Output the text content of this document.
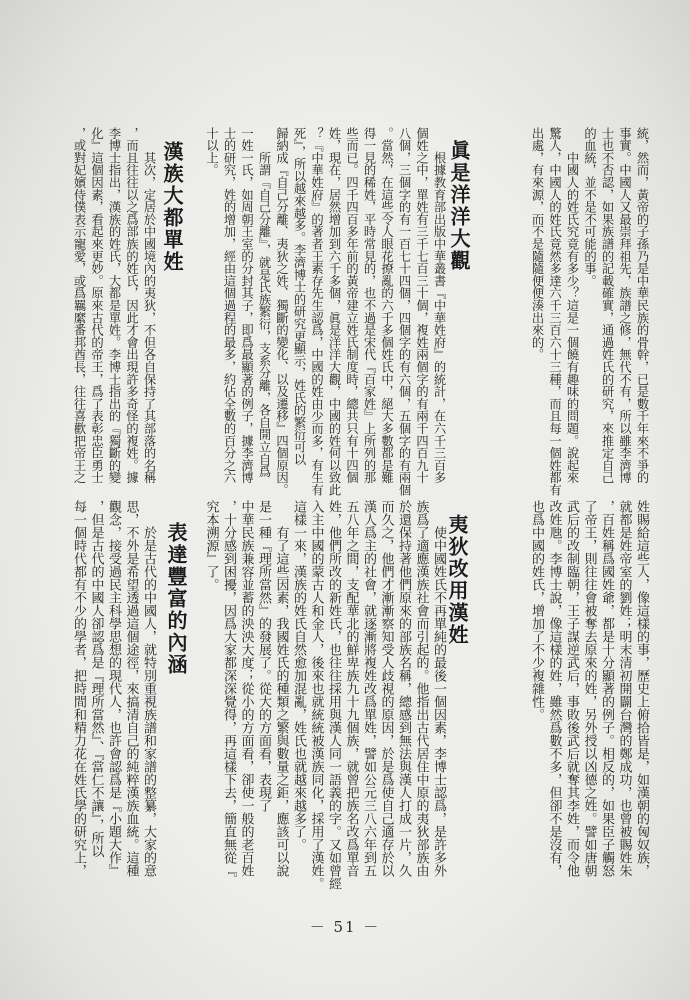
統，然而，黃帝的子孫乃是中華民族的骨幹，已是數千年來不爭的
事實。中國人又最崇拜祖先，族譜之修，無代不有，所以雖李濟博
士也不否認，如果族譜的記載確實，通過姓氏的研究，來推定自己
的血統，並不是不可能的事。
　　中國人的姓氏究竟有多少？這是一個饒有趣味的問題。說起來
驚人，中國人的姓氏竟然多達六千三百六十三種，而且每一個姓都有
出處，有來源，而不是隨隨便便湊出來的。
眞是洋洋大觀
　　根據教育部出版中華叢書『中華姓府』的統計，在六千三百多
個姓之中，單姓有三千七百三十個，複姓兩個字的有兩千四百九十
八個，三個字的有一百七十四個，四個字的有六個，五個字的有兩個
。當然，在這些令人眼花撩亂的六千多個姓氏中，絕大多數都是難
得一見的稀姓，平時常見的，也不過是宋代『百家姓』上所列的那
些而已。四千四百多年前的黃帝建立姓氏制度時，總共只有十四個
姓，現在，居然增加到六千多個，眞是洋洋大觀，中國的姓何以致此
？『中華姓府』的著者王素存先生認爲，中國的姓由少而多，有生有
死』，所以越來越多。李濟博士的研究更顯示，姓氏的繁衍可以
歸納成『自己分離、夷狄之姓、獨斷的變化、以及遷移』四個原因。
　　所謂『自己分離』，就是氏族繁衍，支系分離，各自開立自爲
一姓一氏，如周朝王室的分封其子，即爲最顯著的例子，據李濟博
士的研究，姓的增加，經由這個過程的最多，約佔全數的百分之六
十以上。
漢族大都單姓
　　其次，定居於中國境內的夷狄，不但各自保持了其部落的名稱
，而且往往以之爲部族的姓氏，因此才會出現許多奇怪的複姓。據
李博士指出，漢族的姓氏，大都是單姓。李博士指出的『獨斷的變
化』這個因素，看起來更妙。原來古代的帝王，爲了表彰忠臣勇士
，或對妃嬪侍僕表示寵愛，或爲羈縻番邦酋長，往往喜歡把帝王之
姓賜給這些人，像這樣的事，歷史上俯拾皆是，如漢朝的匈奴族，
就都是姓帝室的劉姓；明末清初開闢台灣的鄭成功，也曾被賜姓朱
，百姓稱爲國姓爺，都是十分顯著的例子。相反的，如果臣子觸怒
了帝王，則往往會被奪去原來的姓，另外授以凶德之姓。譬如唐朝
武后的改制臨朝，王子謀逆武后，事敗後武后就奪其李姓，而令他
改姓虺。李博士說，像這樣的姓，雖然爲數不多，但卻不是沒有，
也爲中國的姓氏，增加了不少複雜性。
夷狄改用漢姓
　　使中國姓氏不再單純的最後一個因素，李博士認爲，是許多外
族爲了適應漢族社會而引起的。他指出古代居住中原的夷狄部族由
於還保持著他們原來的部族名稱，總感到無法與漢人打成一片，久
而久之，他們才漸漸察知受人歧視的原因，於是爲使自己適存於以
漢人爲主的社會，就逐漸將複姓改爲單姓，譬如公元三八六年到五
五八年之間，支配華北的鮮卑族九十九個族，就曾把族名改爲單音
姓，他們所改的新姓氏，也往往採用與漢人同一語義的字。又如曾經
入主中國的蒙古人和金人，後來也就統統被漢族同化，採用了漢姓。
這樣一來，漢族的姓氏自然愈加混亂，姓氏也就越來越多了。
　　有了這些因素，我國姓氏的種類之繁與數量之鉅，應該可以說
是一種『理所當然』的發展了。從大的方面看，表現了
中華民族兼容並蓄的泱泱大度；從小的方面看，卻使一般的老百姓
，十分感到困擾，因爲大家都深深覺得，再這樣下去，簡直無從『
究本溯源』了。
表達豐富的內涵
　　於是古代的中國人，就特別重視族譜和家譜的整纂，大家的意
思，不外是希望透過這個途徑，來搞清自己的純粹漢族血統。這種
觀念，接受過民主科學思想的現代人，也許會認爲是『小題大作』
，但是古代的中國人卻認爲是『理所當然』、『當仁不讓』，所以
每一個時代都有不少的學者，把時間和精力花在姓氏學的研究上，
－ 51 －
